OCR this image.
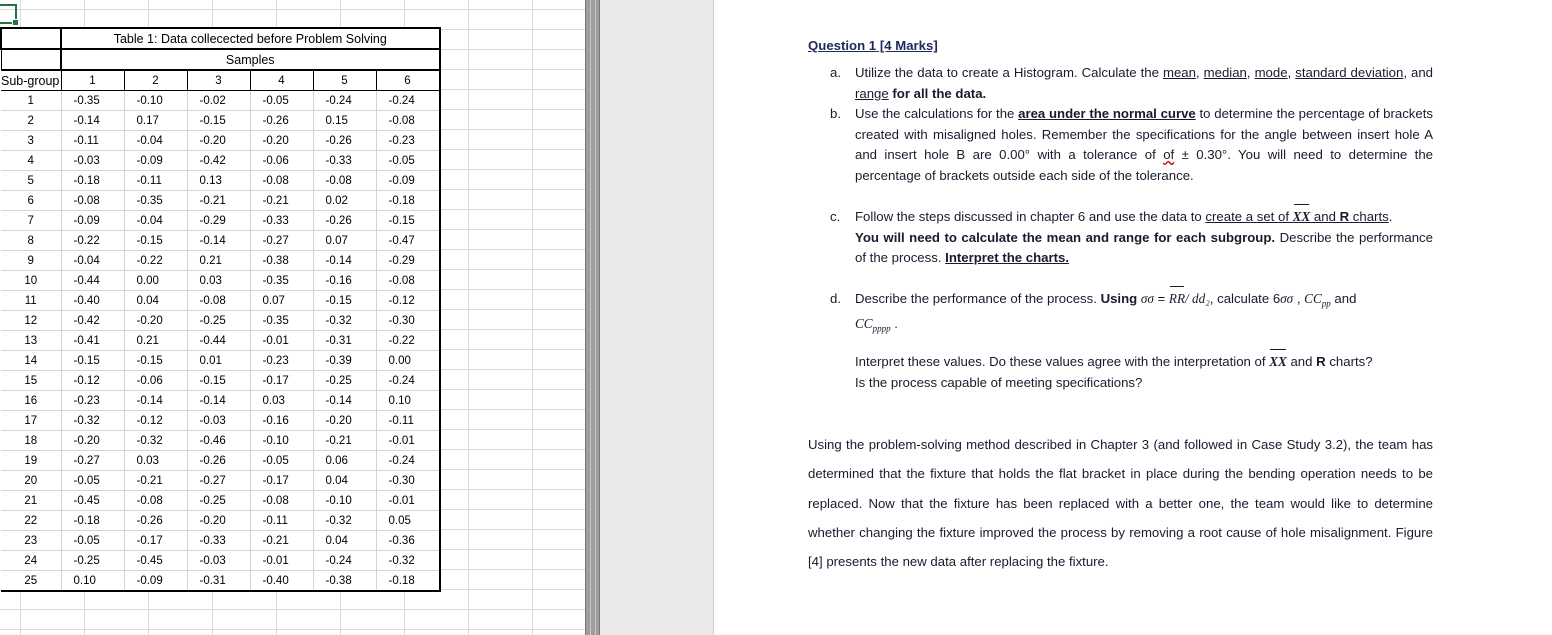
	Table 1: Data collecected before Problem Solving					
	Samples					
Sub-group	1	2	3	4	5	6
1	-0.35	-0.10	-0.02	-0.05	-0.24	-0.24
2	-0.14	0.17	-0.15	-0.26	0.15	-0.08
3	-0.11	-0.04	-0.20	-0.20	-0.26	-0.23
4	-0.03	-0.09	-0.42	-0.06	-0.33	-0.05
5	-0.18	-0.11	0.13	-0.08	-0.08	-0.09
6	-0.08	-0.35	-0.21	-0.21	0.02	-0.18
7	-0.09	-0.04	-0.29	-0.33	-0.26	-0.15
8	-0.22	-0.15	-0.14	-0.27	0.07	-0.47
9	-0.04	-0.22	0.21	-0.38	-0.14	-0.29
10	-0.44	0.00	0.03	-0.35	-0.16	-0.08
11	-0.40	0.04	-0.08	0.07	-0.15	-0.12
12	-0.42	-0.20	-0.25	-0.35	-0.32	-0.30
13	-0.41	0.21	-0.44	-0.01	-0.31	-0.22
14	-0.15	-0.15	0.01	-0.23	-0.39	0.00
15	-0.12	-0.06	-0.15	-0.17	-0.25	-0.24
16	-0.23	-0.14	-0.14	0.03	-0.14	0.10
17	-0.32	-0.12	-0.03	-0.16	-0.20	-0.11
18	-0.20	-0.32	-0.46	-0.10	-0.21	-0.01
19	-0.27	0.03	-0.26	-0.05	0.06	-0.24
20	-0.05	-0.21	-0.27	-0.17	0.04	-0.30
21	-0.45	-0.08	-0.25	-0.08	-0.10	-0.01
22	-0.18	-0.26	-0.20	-0.11	-0.32	0.05
23	-0.05	-0.17	-0.33	-0.21	0.04	-0.36
24	-0.25	-0.45	-0.03	-0.01	-0.24	-0.32
25	0.10	-0.09	-0.31	-0.40	-0.38	-0.18
Question 1 [4 Marks]
a. Utilize the data to create a Histogram. Calculate the mean, median, mode, standard deviation, and range for all the data.
b. Use the calculations for the area under the normal curve to determine the percentage of brackets created with misaligned holes. Remember the specifications for the angle between insert hole A and insert hole B are 0.00° with a tolerance of of ± 0.30°. You will need to determine the percentage of brackets outside each side of the tolerance.
c. Follow the steps discussed in chapter 6 and use the data to create a set of XX and R charts.
You will need to calculate the mean and range for each subgroup. Describe the performance of the process. Interpret the charts.
d. Describe the performance of the process. Using σσ = RR/ dd₂, calculate 6σσ , $CC_{pp}$ and
$CC_{pppp}$ .
Interpret these values. Do these values agree with the interpretation of XX and R charts?
Is the process capable of meeting specifications?
Using the problem-solving method described in Chapter 3 (and followed in Case Study 3.2), the team has determined that the fixture that holds the flat bracket in place during the bending operation needs to be replaced. Now that the fixture has been replaced with a better one, the team would like to determine whether changing the fixture improved the process by removing a root cause of hole misalignment. Figure [4] presents the new data after replacing the fixture.
